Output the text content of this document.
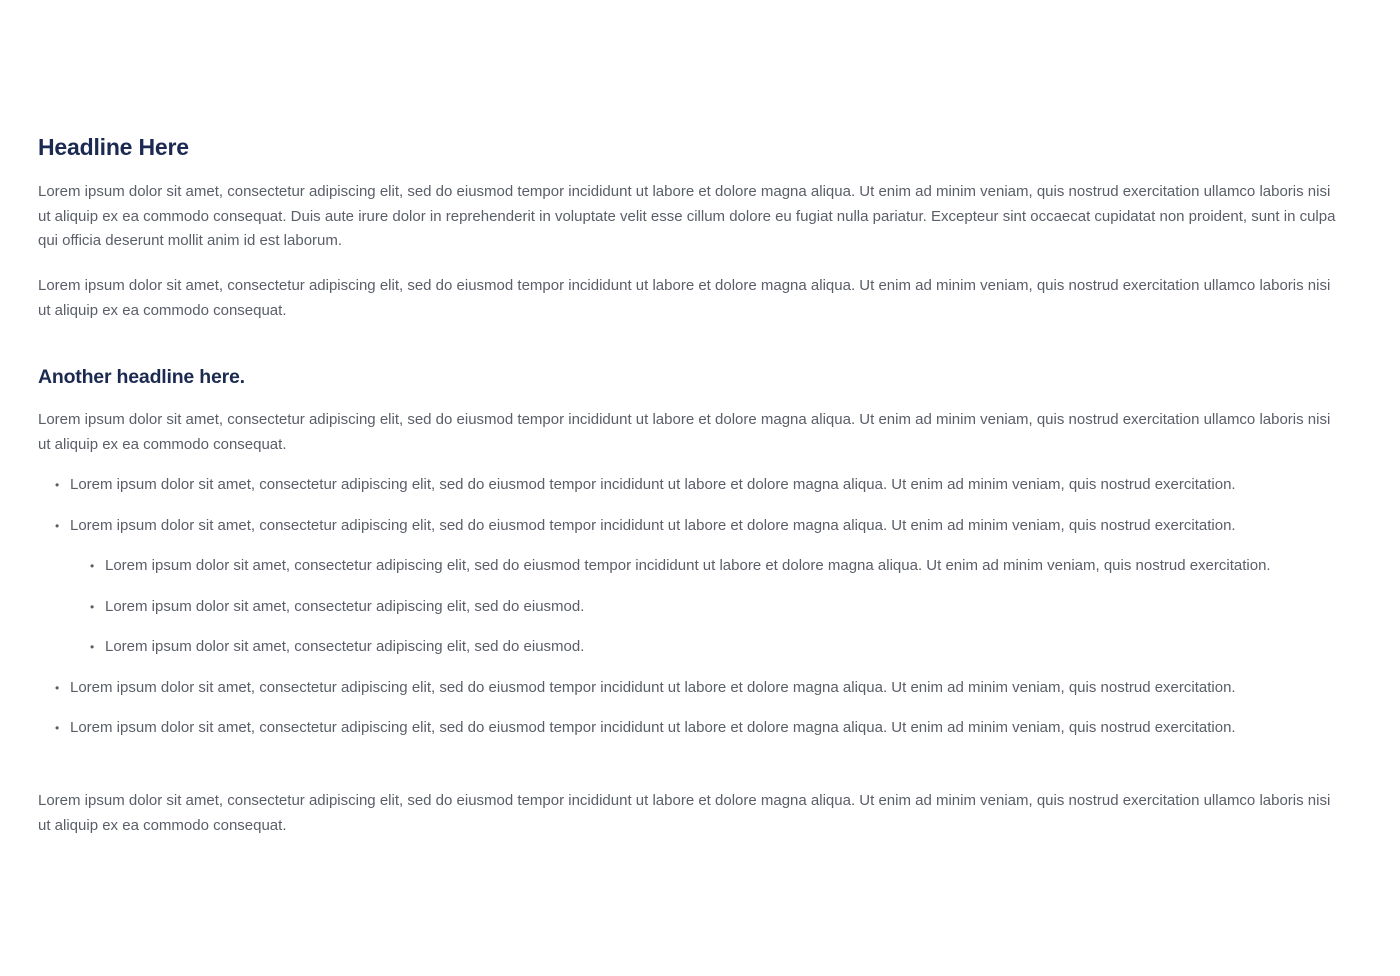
Headline Here

Lorem ipsum dolor sit amet, consectetur adipiscing elit, sed do eiusmod tempor incididunt ut labore et dolore magna aliqua. Ut enim ad minim veniam, quis nostrud exercitation ullamco laboris nisi ut aliquip ex ea commodo consequat. Duis aute irure dolor in reprehenderit in voluptate velit esse cillum dolore eu fugiat nulla pariatur. Excepteur sint occaecat cupidatat non proident, sunt in culpa qui officia deserunt mollit anim id est laborum.

Lorem ipsum dolor sit amet, consectetur adipiscing elit, sed do eiusmod tempor incididunt ut labore et dolore magna aliqua. Ut enim ad minim veniam, quis nostrud exercitation ullamco laboris nisi ut aliquip ex ea commodo consequat.

Another headline here.

Lorem ipsum dolor sit amet, consectetur adipiscing elit, sed do eiusmod tempor incididunt ut labore et dolore magna aliqua. Ut enim ad minim veniam, quis nostrud exercitation ullamco laboris nisi ut aliquip ex ea commodo consequat.

• Lorem ipsum dolor sit amet, consectetur adipiscing elit, sed do eiusmod tempor incididunt ut labore et dolore magna aliqua. Ut enim ad minim veniam, quis nostrud exercitation.
• Lorem ipsum dolor sit amet, consectetur adipiscing elit, sed do eiusmod tempor incididunt ut labore et dolore magna aliqua. Ut enim ad minim veniam, quis nostrud exercitation.
• Lorem ipsum dolor sit amet, consectetur adipiscing elit, sed do eiusmod tempor incididunt ut labore et dolore magna aliqua. Ut enim ad minim veniam, quis nostrud exercitation.
• Lorem ipsum dolor sit amet, consectetur adipiscing elit, sed do eiusmod.
• Lorem ipsum dolor sit amet, consectetur adipiscing elit, sed do eiusmod.
• Lorem ipsum dolor sit amet, consectetur adipiscing elit, sed do eiusmod tempor incididunt ut labore et dolore magna aliqua. Ut enim ad minim veniam, quis nostrud exercitation.
• Lorem ipsum dolor sit amet, consectetur adipiscing elit, sed do eiusmod tempor incididunt ut labore et dolore magna aliqua. Ut enim ad minim veniam, quis nostrud exercitation.

Lorem ipsum dolor sit amet, consectetur adipiscing elit, sed do eiusmod tempor incididunt ut labore et dolore magna aliqua. Ut enim ad minim veniam, quis nostrud exercitation ullamco laboris nisi ut aliquip ex ea commodo consequat.
